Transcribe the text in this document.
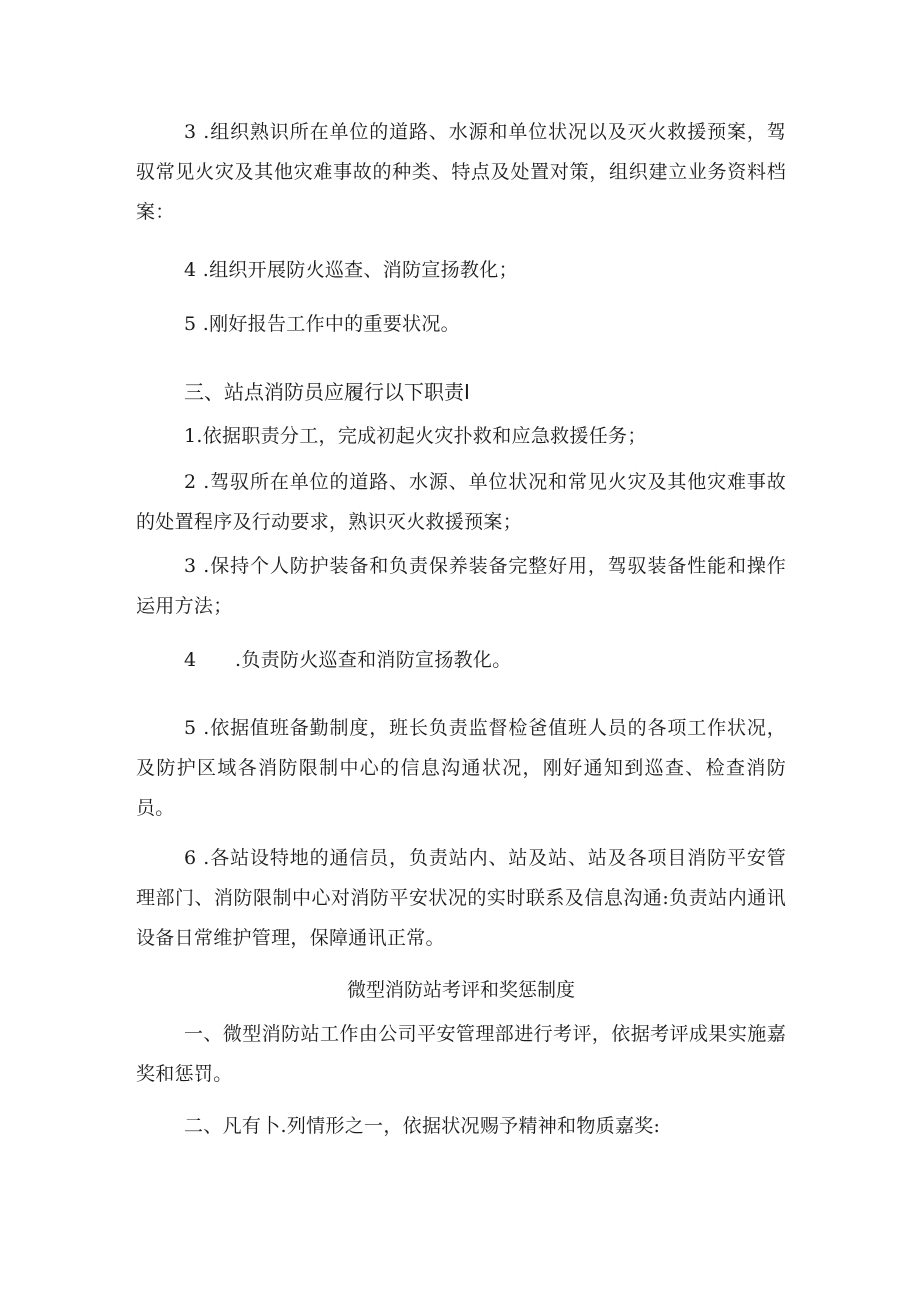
3 .组织熟识所在单位的道路、水源和单位状况以及灭火救援预案，驾驭常见火灾及其他灾难事故的种类、特点及处置对策，组织建立业务资料档案：

4 .组织开展防火巡查、消防宣扬教化；

5 .刚好报告工作中的重要状况。

三、站点消防员应履行以下职责I

1.依据职责分工，完成初起火灾扑救和应急救援任务；

2 .驾驭所在单位的道路、水源、单位状况和常见火灾及其他灾难事故的处置程序及行动要求，熟识灭火救援预案；

3 .保持个人防护装备和负责保养装备完整好用，驾驭装备性能和操作运用方法；

4　　.负责防火巡查和消防宣扬教化。

5 .依据值班备勤制度，班长负责监督检爸值班人员的各项工作状况，及防护区域各消防限制中心的信息沟通状况，刚好通知到巡查、检查消防员。

6 .各站设特地的通信员，负责站内、站及站、站及各项目消防平安管理部门、消防限制中心对消防平安状况的实时联系及信息沟通:负责站内通讯设备日常维护管理，保障通讯正常。

微型消防站考评和奖惩制度

一、微型消防站工作由公司平安管理部进行考评，依据考评成果实施嘉奖和惩罚。

二、凡有卜.列情形之一，依据状况赐予精神和物质嘉奖:
